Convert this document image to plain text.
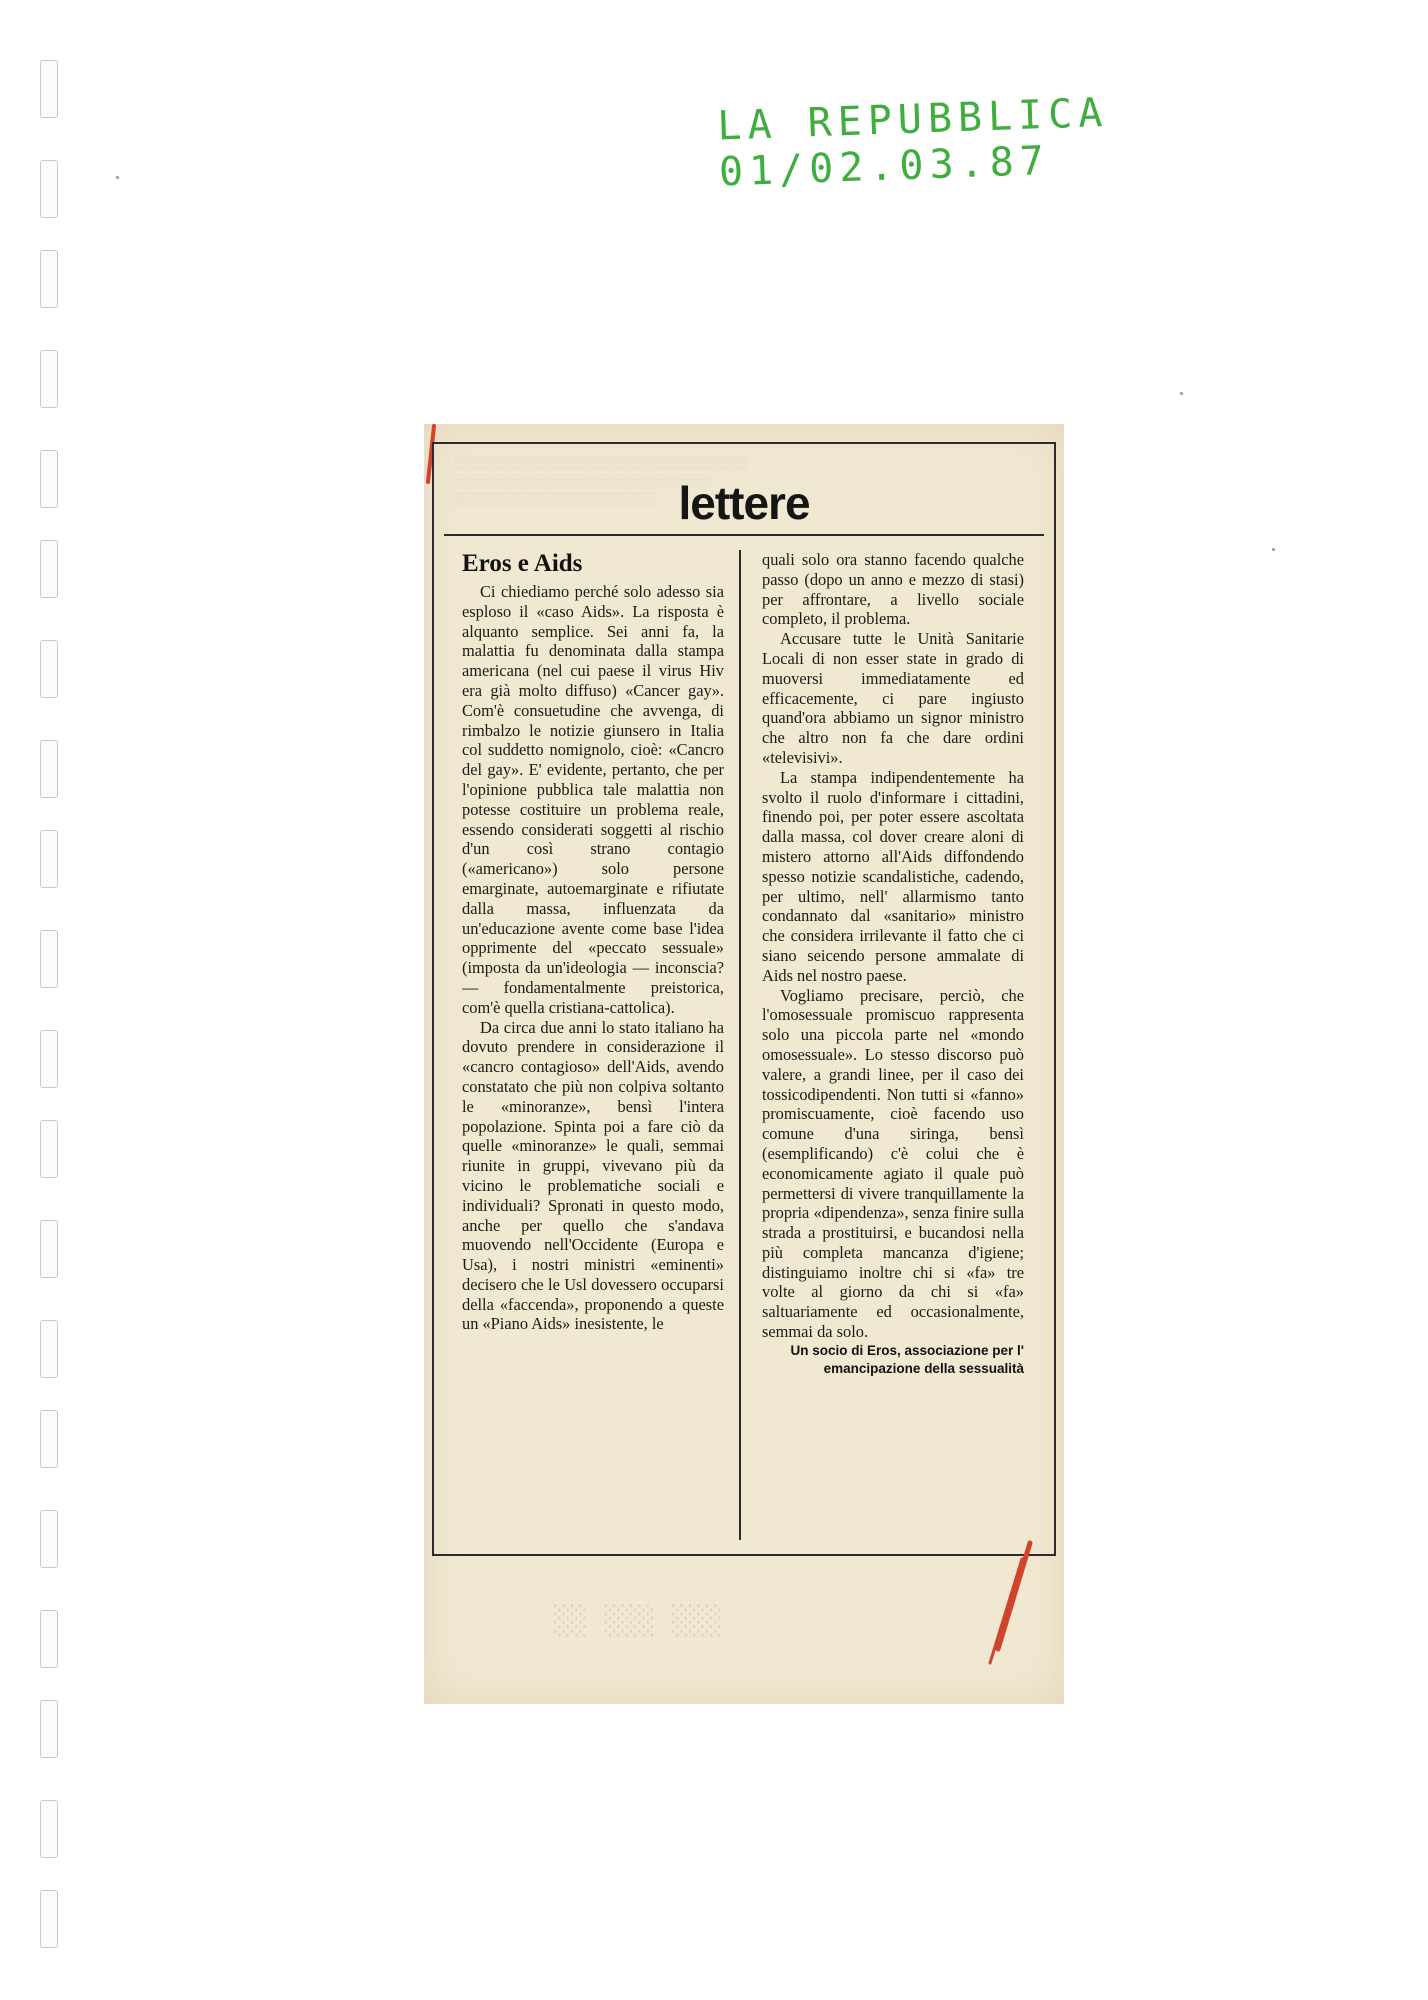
LA REPUBBLICA 01/02.03.87
░░░░░░░░░░░░░░░░░░░░░░░░░░░░░░░░
░░░░░░░░░░░░░░░░░░░░░░░░░░░░
░░░░░░░░░░░░░░░░░░░░░░ lettere
Eros e Aids

Ci chiediamo perché solo adesso sia esploso il «caso Aids». La risposta è alquanto semplice. Sei anni fa, la malattia fu denominata dalla stampa americana (nel cui paese il virus Hiv era già molto diffuso) «Cancer gay». Com'è consuetudine che avvenga, di rimbalzo le notizie giunsero in Italia col suddetto nomignolo, cioè: «Cancro del gay». E' evidente, pertanto, che per l'opinione pubblica tale malattia non potesse costituire un problema reale, essendo considerati soggetti al rischio d'un così strano contagio («americano») solo persone emarginate, autoemarginate e rifiutate dalla massa, influenzata da un'educazione avente come base l'idea opprimente del «peccato sessuale» (imposta da un'ideologia — inconscia? — fondamentalmente preistorica, com'è quella cristiana-cattolica).

Da circa due anni lo stato italiano ha dovuto prendere in considerazione il «cancro contagioso» dell'Aids, avendo constatato che più non colpiva soltanto le «minoranze», bensì l'intera popolazione. Spinta poi a fare ciò da quelle «minoranze» le quali, semmai riunite in gruppi, vivevano più da vicino le problematiche sociali e individuali? Spronati in questo modo, anche per quello che s'andava muovendo nell'Occidente (Europa e Usa), i nostri ministri «eminenti» decisero che le Usl dovessero occuparsi della «faccenda», proponendo a queste un «Piano Aids» inesistente, le

quali solo ora stanno facendo qualche passo (dopo un anno e mezzo di stasi) per affrontare, a livello sociale completo, il problema.

Accusare tutte le Unità Sanitarie Locali di non esser state in grado di muoversi immediatamente ed efficacemente, ci pare ingiusto quand'ora abbiamo un signor ministro che altro non fa che dare ordini «televisivi».

La stampa indipendentemente ha svolto il ruolo d'informare i cittadini, finendo poi, per poter essere ascoltata dalla massa, col dover creare aloni di mistero attorno all'Aids diffondendo spesso notizie scandalistiche, cadendo, per ultimo, nell' allarmismo tanto condannato dal «sanitario» ministro che considera irrilevante il fatto che ci siano seicendo persone ammalate di Aids nel nostro paese.

Vogliamo precisare, perciò, che l'omosessuale promiscuo rappresenta solo una piccola parte nel «mondo omosessuale». Lo stesso discorso può valere, a grandi linee, per il caso dei tossicodipendenti. Non tutti si «fanno» promiscuamente, cioè facendo uso comune d'una siringa, bensì (esemplificando) c'è colui che è economicamente agiato il quale può permettersi di vivere tranquillamente la propria «dipendenza», senza finire sulla strada a prostituirsi, e bucandosi nella più completa mancanza d'igiene; distinguiamo inoltre chi si «fa» tre volte al giorno da chi si «fa» saltuariamente ed occasionalmente, semmai da solo.

Un socio di Eros, associazione per l' emancipazione della sessualità

░░ ░░░ ░░░
